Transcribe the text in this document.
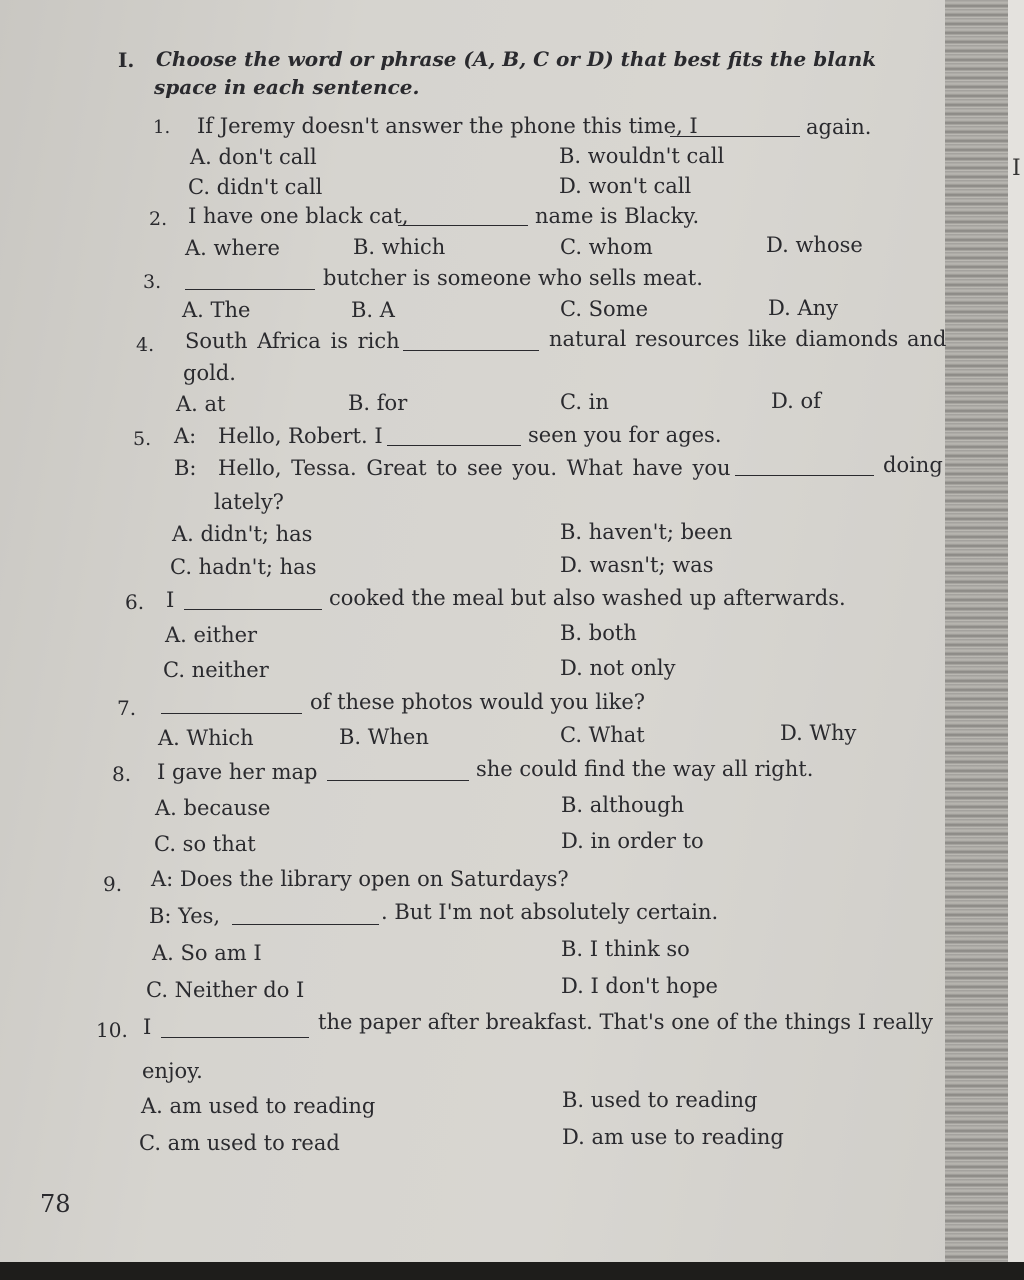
I
I. Choose the word or phrase (A, B, C or D) that best fits the blank
space in each sentence.
1. If Jeremy doesn't answer the phone this time, I	again.
A. don't call	B. wouldn't call
C. didn't call	D. won't call
2. I have one black cat,	name is Blacky.
A. where	B. which	C. whom	D. whose
3.	butcher is someone who sells meat.
A. The	B. A	C. Some	D. Any
4. South Africa is rich	natural resources like diamonds and
gold.
A. at	B. for	C. in	D. of
5. A: Hello, Robert. I	seen you for ages.
B: Hello, Tessa. Great to see you. What have you	doing
lately?
A. didn't; has	B. haven't; been
C. hadn't; has	D. wasn't; was
6. I	cooked the meal but also washed up afterwards.
A. either	B. both
C. neither	D. not only
7.	of these photos would you like?
A. Which	B. When	C. What	D. Why
8. I gave her map	she could find the way all right.
A. because	B. although
C. so that	D. in order to
9. A: Does the library open on Saturdays?
B: Yes,	. But I'm not absolutely certain.
A. So am I	B. I think so
C. Neither do I	D. I don't hope
10. I	the paper after breakfast. That's one of the things I really
enjoy.
A. am used to reading	B. used to reading
C. am used to read	D. am use to reading
78
